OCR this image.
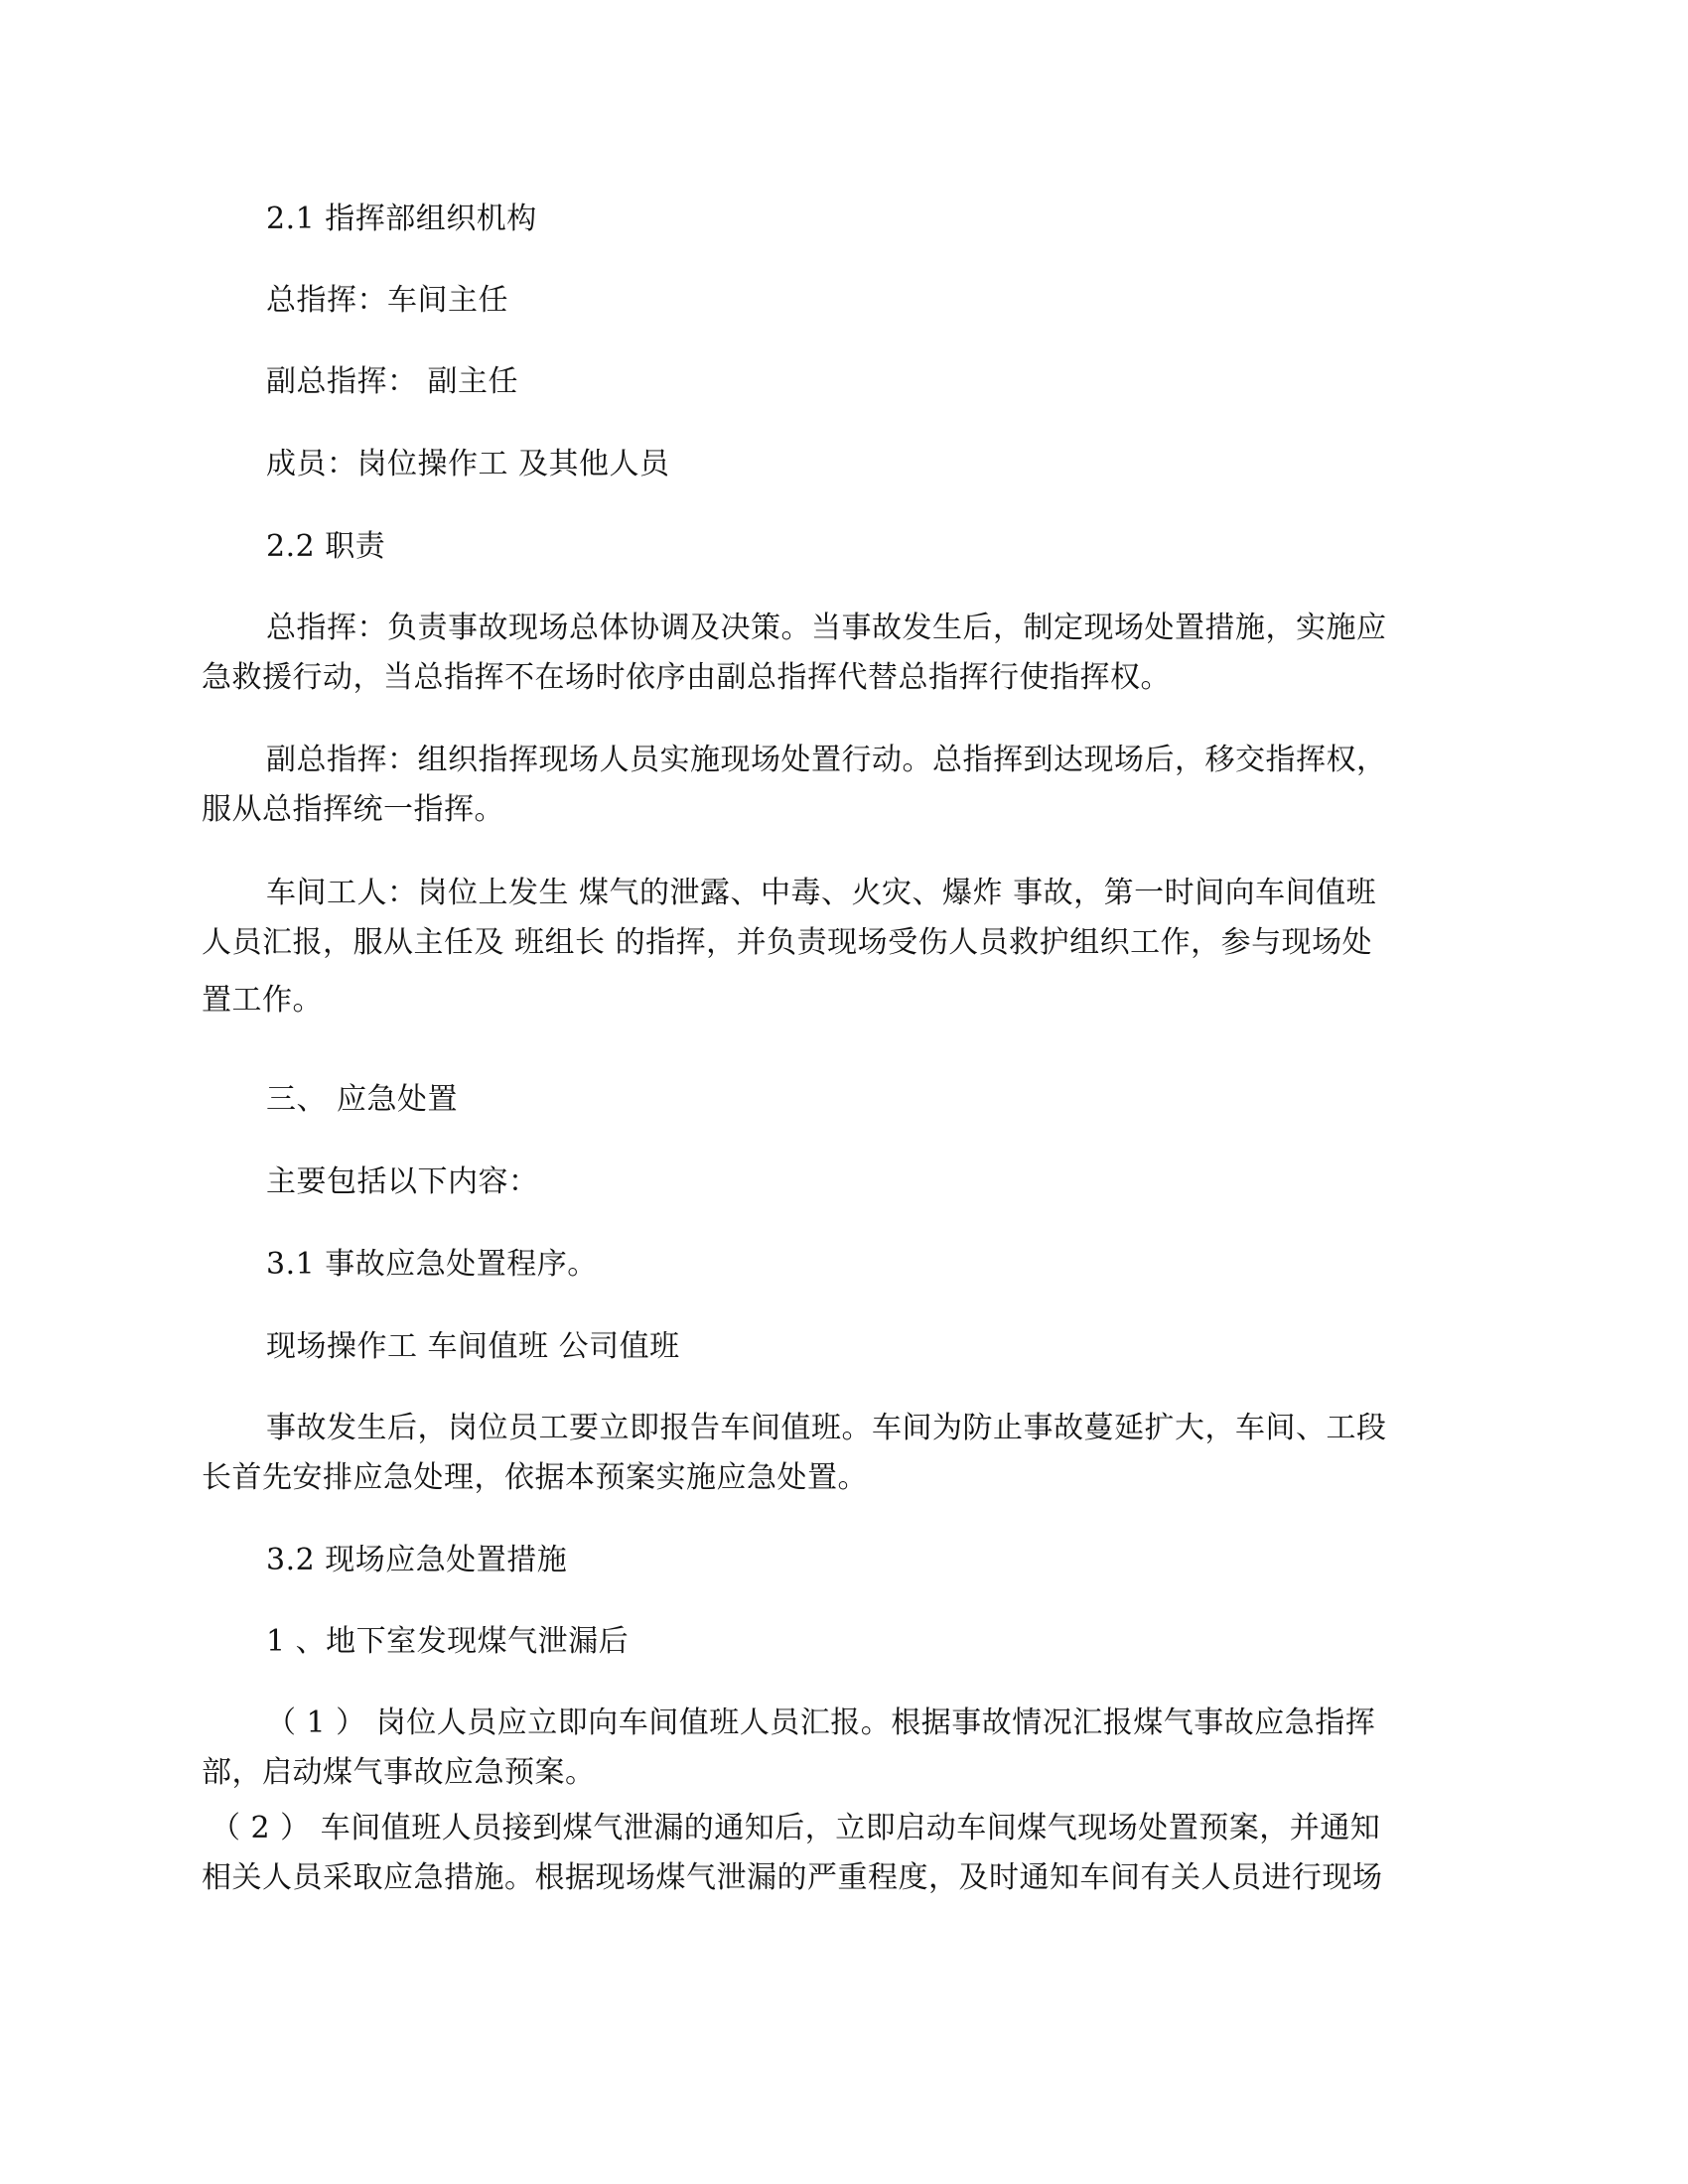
2.1 指挥部组织机构
总指挥：车间主任
副总指挥： 副主任
成员：岗位操作工 及其他人员
2.2 职责
总指挥：负责事故现场总体协调及决策。当事故发生后，制定现场处置措施，实施应
急救援行动，当总指挥不在场时依序由副总指挥代替总指挥行使指挥权。
副总指挥：组织指挥现场人员实施现场处置行动。总指挥到达现场后，移交指挥权，
服从总指挥统一指挥。
车间工人：岗位上发生 煤气的泄露、中毒、火灾、爆炸 事故，第一时间向车间值班
人员汇报，服从主任及 班组长 的指挥，并负责现场受伤人员救护组织工作，参与现场处
置工作。
三、 应急处置
主要包括以下内容：
3.1 事故应急处置程序。
现场操作工 车间值班 公司值班
事故发生后，岗位员工要立即报告车间值班。车间为防止事故蔓延扩大，车间、工段
长首先安排应急处理，依据本预案实施应急处置。
3.2 现场应急处置措施
1 、地下室发现煤气泄漏后
（ 1 ） 岗位人员应立即向车间值班人员汇报。根据事故情况汇报煤气事故应急指挥
部，启动煤气事故应急预案。
（ 2 ） 车间值班人员接到煤气泄漏的通知后，立即启动车间煤气现场处置预案，并通知
相关人员采取应急措施。根据现场煤气泄漏的严重程度，及时通知车间有关人员进行现场
